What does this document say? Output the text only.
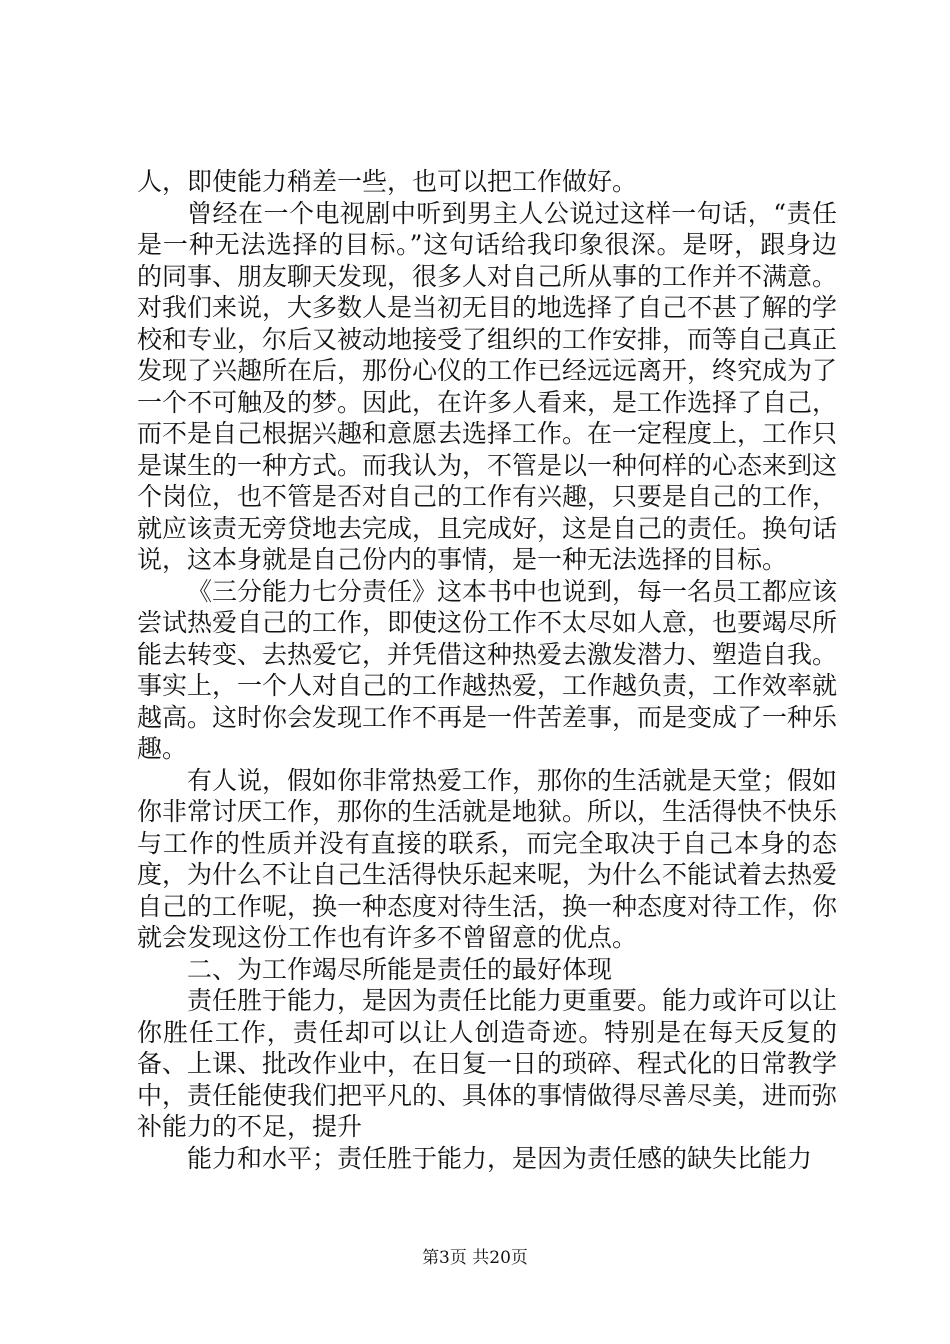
人，即使能力稍差一些，也可以把工作做好。

曾经在一个电视剧中听到男主人公说过这样一句话，“责任是一种无法选择的目标。”这句话给我印象很深。是呀，跟身边的同事、朋友聊天发现，很多人对自己所从事的工作并不满意。对我们来说，大多数人是当初无目的地选择了自己不甚了解的学校和专业，尔后又被动地接受了组织的工作安排，而等自己真正发现了兴趣所在后，那份心仪的工作已经远远离开，终究成为了一个不可触及的梦。因此，在许多人看来，是工作选择了自己，而不是自己根据兴趣和意愿去选择工作。在一定程度上，工作只是谋生的一种方式。而我认为，不管是以一种何样的心态来到这个岗位，也不管是否对自己的工作有兴趣，只要是自己的工作，就应该责无旁贷地去完成，且完成好，这是自己的责任。换句话说，这本身就是自己份内的事情，是一种无法选择的目标。

《三分能力七分责任》这本书中也说到，每一名员工都应该尝试热爱自己的工作，即使这份工作不太尽如人意，也要竭尽所能去转变、去热爱它，并凭借这种热爱去激发潜力、塑造自我。事实上，一个人对自己的工作越热爱，工作越负责，工作效率就越高。这时你会发现工作不再是一件苦差事，而是变成了一种乐趣。

有人说，假如你非常热爱工作，那你的生活就是天堂；假如你非常讨厌工作，那你的生活就是地狱。所以，生活得快不快乐与工作的性质并没有直接的联系，而完全取决于自己本身的态度，为什么不让自己生活得快乐起来呢，为什么不能试着去热爱自己的工作呢，换一种态度对待生活，换一种态度对待工作，你就会发现这份工作也有许多不曾留意的优点。

二、为工作竭尽所能是责任的最好体现

责任胜于能力，是因为责任比能力更重要。能力或许可以让你胜任工作，责任却可以让人创造奇迹。特别是在每天反复的备、上课、批改作业中，在日复一日的琐碎、程式化的日常教学中，责任能使我们把平凡的、具体的事情做得尽善尽美，进而弥补能力的不足，提升

能力和水平；责任胜于能力，是因为责任感的缺失比能力

第3页 共20页
